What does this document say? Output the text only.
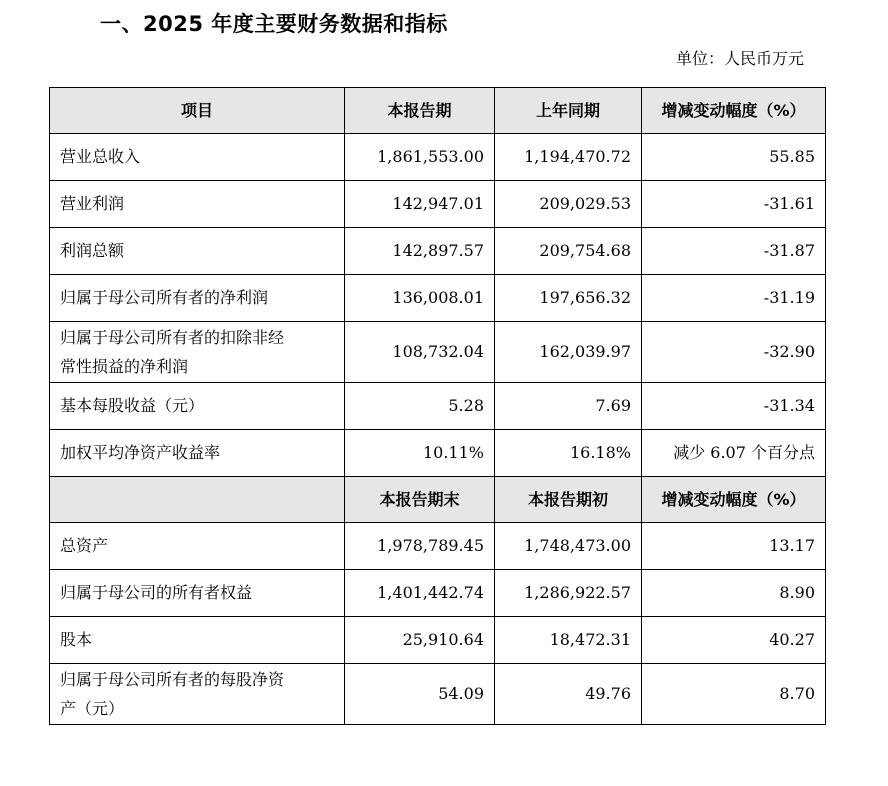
一、2025 年度主要财务数据和指标
单位：人民币万元
项目	本报告期	上年同期	增减变动幅度（%）
营业总收入	1,861,553.00	1,194,470.72	55.85
营业利润	142,947.01	209,029.53	-31.61
利润总额	142,897.57	209,754.68	-31.87
归属于母公司所有者的净利润	136,008.01	197,656.32	-31.19
归属于母公司所有者的扣除非经
常性损益的净利润	108,732.04	162,039.97	-32.90
基本每股收益（元）	5.28	7.69	-31.34
加权平均净资产收益率	10.11%	16.18%	减少 6.07 个百分点
	本报告期末	本报告期初	增减变动幅度（%）
总资产	1,978,789.45	1,748,473.00	13.17
归属于母公司的所有者权益	1,401,442.74	1,286,922.57	8.90
股本	25,910.64	18,472.31	40.27
归属于母公司所有者的每股净资
产（元）	54.09	49.76	8.70
